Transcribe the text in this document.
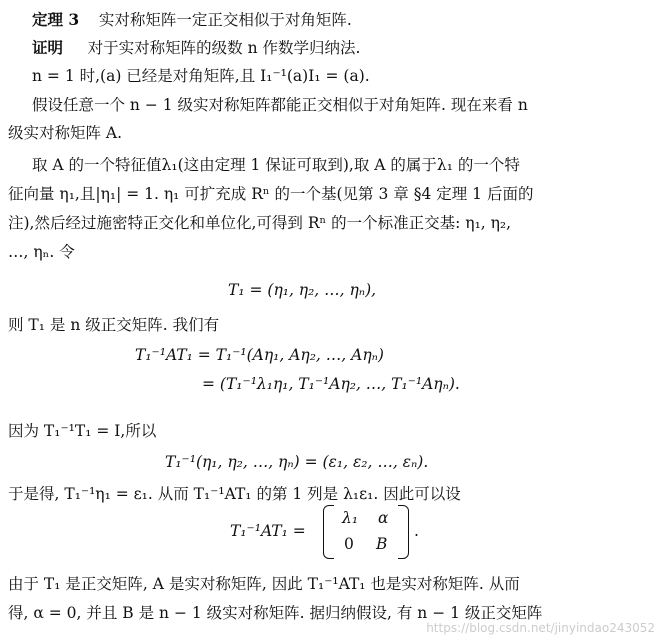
定理 3 实对称矩阵一定正交相似于对角矩阵.
证明 对于实对称矩阵的级数 n 作数学归纳法.
n = 1 时,(a) 已经是对角矩阵,且 I₁⁻¹(a)I₁ = (a).
假设任意一个 n − 1 级实对称矩阵都能正交相似于对角矩阵. 现在来看 n
级实对称矩阵 A.
取 A 的一个特征值λ₁(这由定理 1 保证可取到),取 A 的属于λ₁ 的一个特
征向量 η₁,且|η₁| = 1. η₁ 可扩充成 Rⁿ 的一个基(见第 3 章 §4 定理 1 后面的
注),然后经过施密特正交化和单位化,可得到 Rⁿ 的一个标准正交基: η₁, η₂,
…, ηₙ. 令
T₁ = (η₁, η₂, …, ηₙ),
则 T₁ 是 n 级正交矩阵. 我们有
T₁⁻¹AT₁ = T₁⁻¹(Aη₁, Aη₂, …, Aηₙ)
= (T₁⁻¹λ₁η₁, T₁⁻¹Aη₂, …, T₁⁻¹Aηₙ).
因为 T₁⁻¹T₁ = I,所以
T₁⁻¹(η₁, η₂, …, ηₙ) = (ε₁, ε₂, …, εₙ).
于是得, T₁⁻¹η₁ = ε₁. 从而 T₁⁻¹AT₁ 的第 1 列是 λ₁ε₁. 因此可以设
T₁⁻¹AT₁ =
λ₁ α
0 B
.
由于 T₁ 是正交矩阵, A 是实对称矩阵, 因此 T₁⁻¹AT₁ 也是实对称矩阵. 从而
得, α = 0, 并且 B 是 n − 1 级实对称矩阵. 据归纳假设, 有 n − 1 级正交矩阵
https://blog.csdn.net/jinyindao243052
